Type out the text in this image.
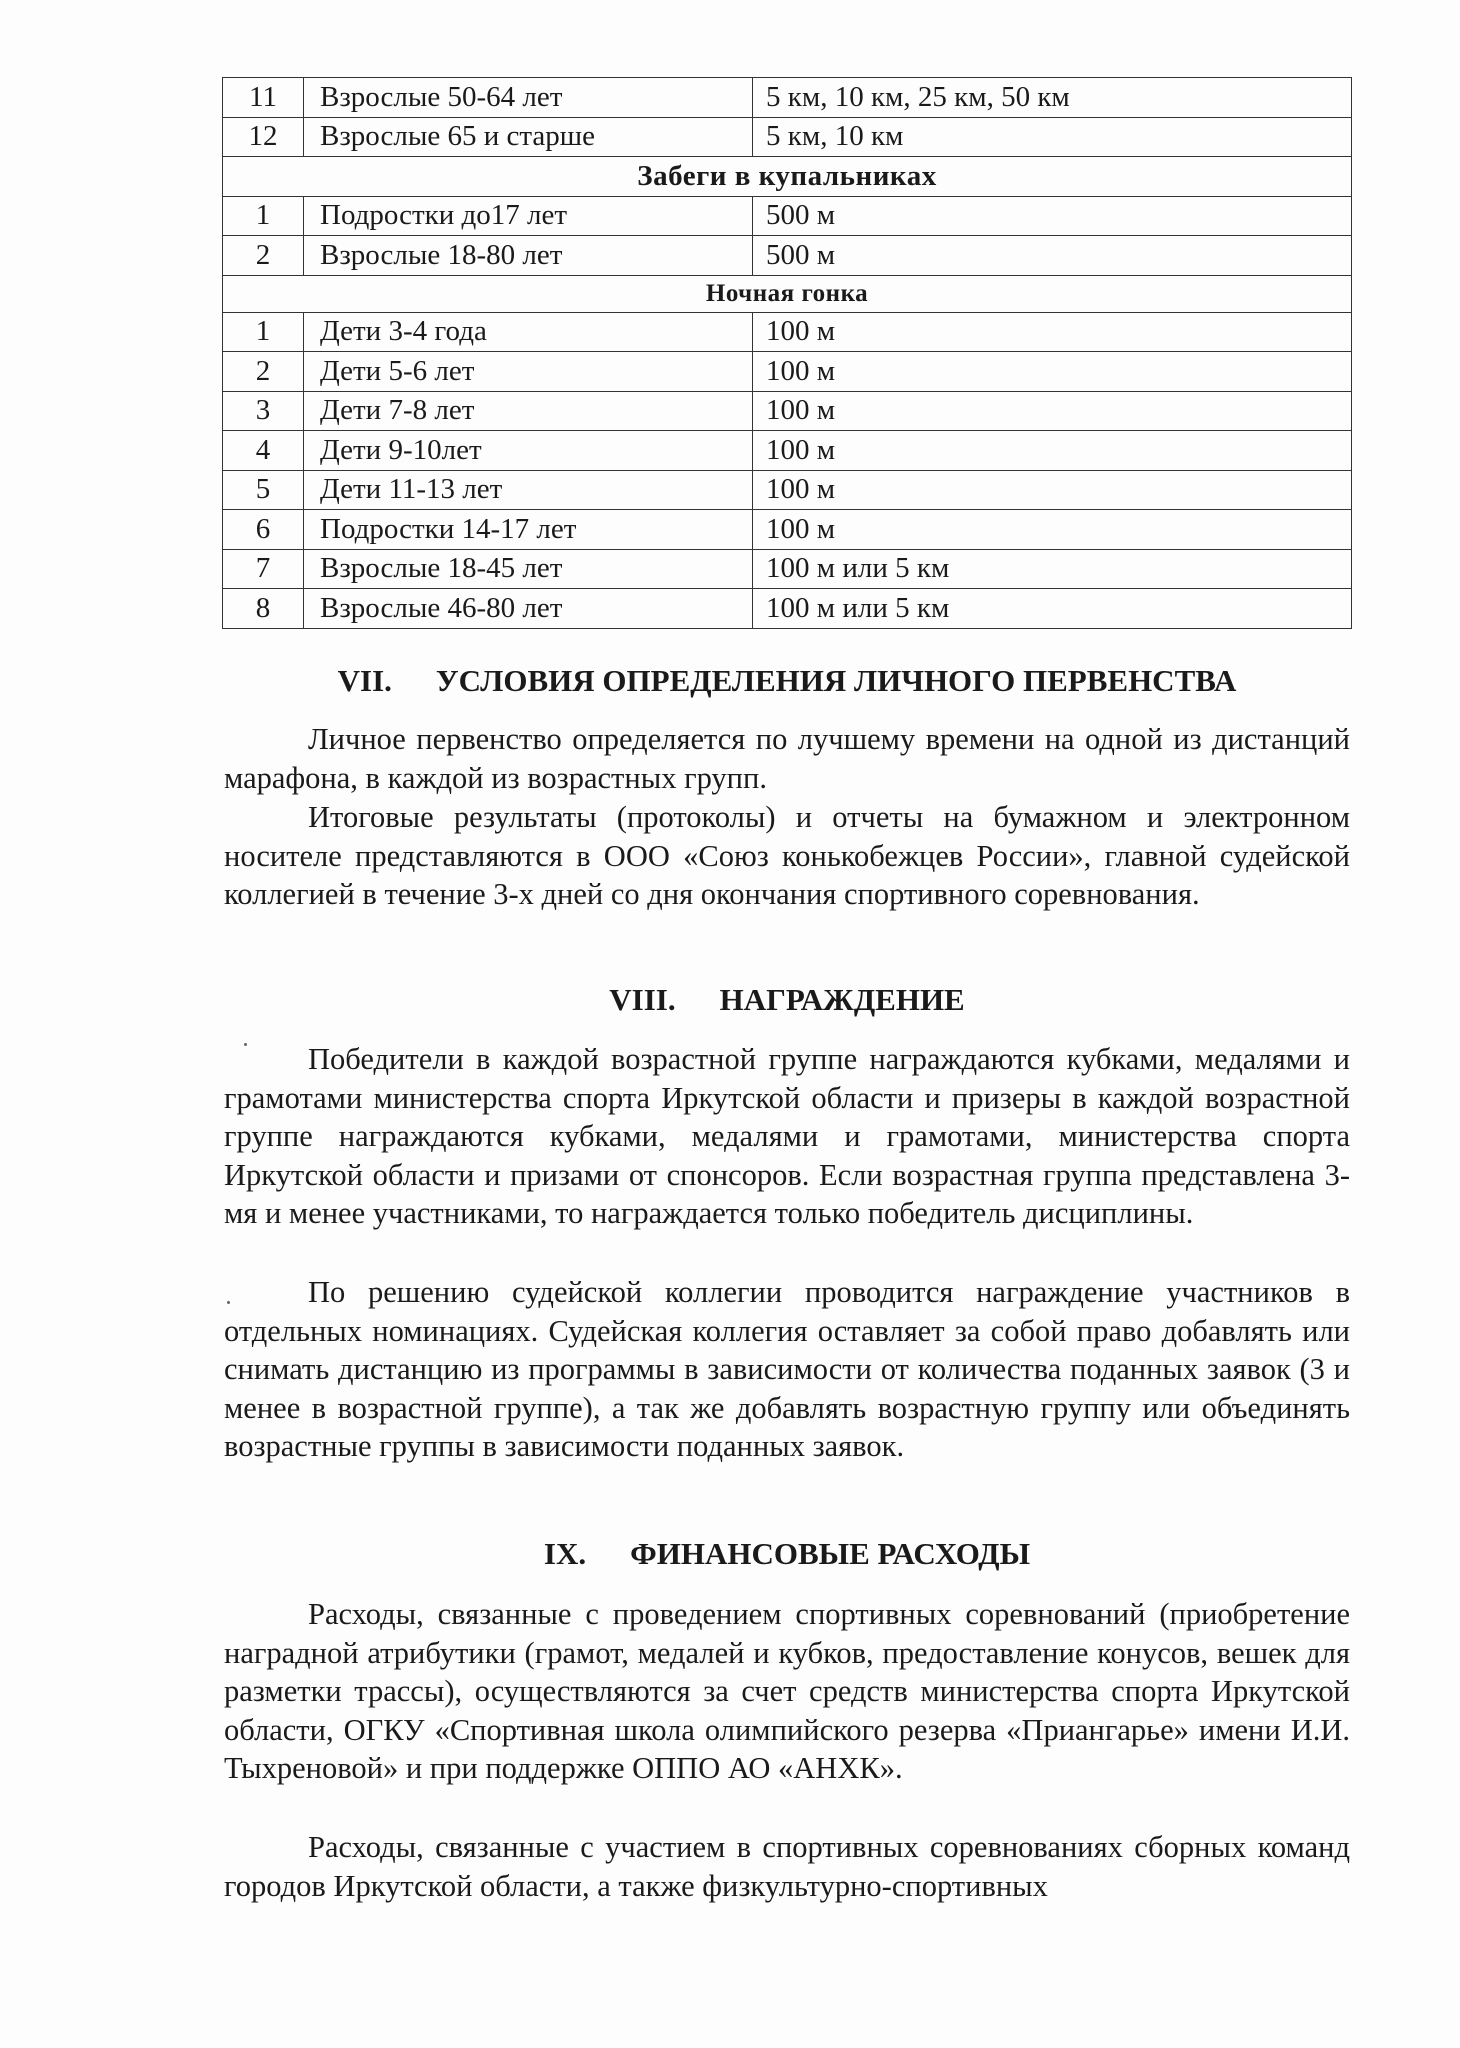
11	Взрослые 50-64 лет	5 км, 10 км, 25 км, 50 км
12	Взрослые 65 и старше	5 км, 10 км
Забеги в купальниках		
1	Подростки до17 лет	500 м
2	Взрослые 18-80 лет	500 м
Ночная гонка		
1	Дети 3-4 года	100 м
2	Дети 5-6 лет	100 м
3	Дети 7-8 лет	100 м
4	Дети 9-10лет	100 м
5	Дети 11-13 лет	100 м
6	Подростки 14-17 лет	100 м
7	Взрослые 18-45 лет	100 м или 5 км
8	Взрослые 46-80 лет	100 м или 5 км
VII. УСЛОВИЯ ОПРЕДЕЛЕНИЯ ЛИЧНОГО ПЕРВЕНСТВА

Личное первенство определяется по лучшему времени на одной из дистанций марафона, в каждой из возрастных групп.

Итоговые результаты (протоколы) и отчеты на бумажном и электронном носителе представляются в ООО «Союз конькобежцев России», главной судейской коллегией в течение 3-х дней со дня окончания спортивного соревнования.

VIII. НАГРАЖДЕНИЕ

Победители в каждой возрастной группе награждаются кубками, медалями и грамотами министерства спорта Иркутской области и призеры в каждой возрастной группе награждаются кубками, медалями и грамотами, министерства спорта Иркутской области и призами от спонсоров. Если возрастная группа представлена 3-мя и менее участниками, то награждается только победитель дисциплины.

По решению судейской коллегии проводится награждение участников в отдельных номинациях. Судейская коллегия оставляет за собой право добавлять или снимать дистанцию из программы в зависимости от количества поданных заявок (3 и менее в возрастной группе), а так же добавлять возрастную группу или объединять возрастные группы в зависимости поданных заявок.

IX. ФИНАНСОВЫЕ РАСХОДЫ

Расходы, связанные с проведением спортивных соревнований (приобретение наградной атрибутики (грамот, медалей и кубков, предоставление конусов, вешек для разметки трассы), осуществляются за счет средств министерства спорта Иркутской области, ОГКУ «Спортивная школа олимпийского резерва «Приангарье» имени И.И. Тыхреновой» и при поддержке ОППО АО «АНХК».

Расходы, связанные с участием в спортивных соревнованиях сборных команд городов Иркутской области, а также физкультурно-спортивных
